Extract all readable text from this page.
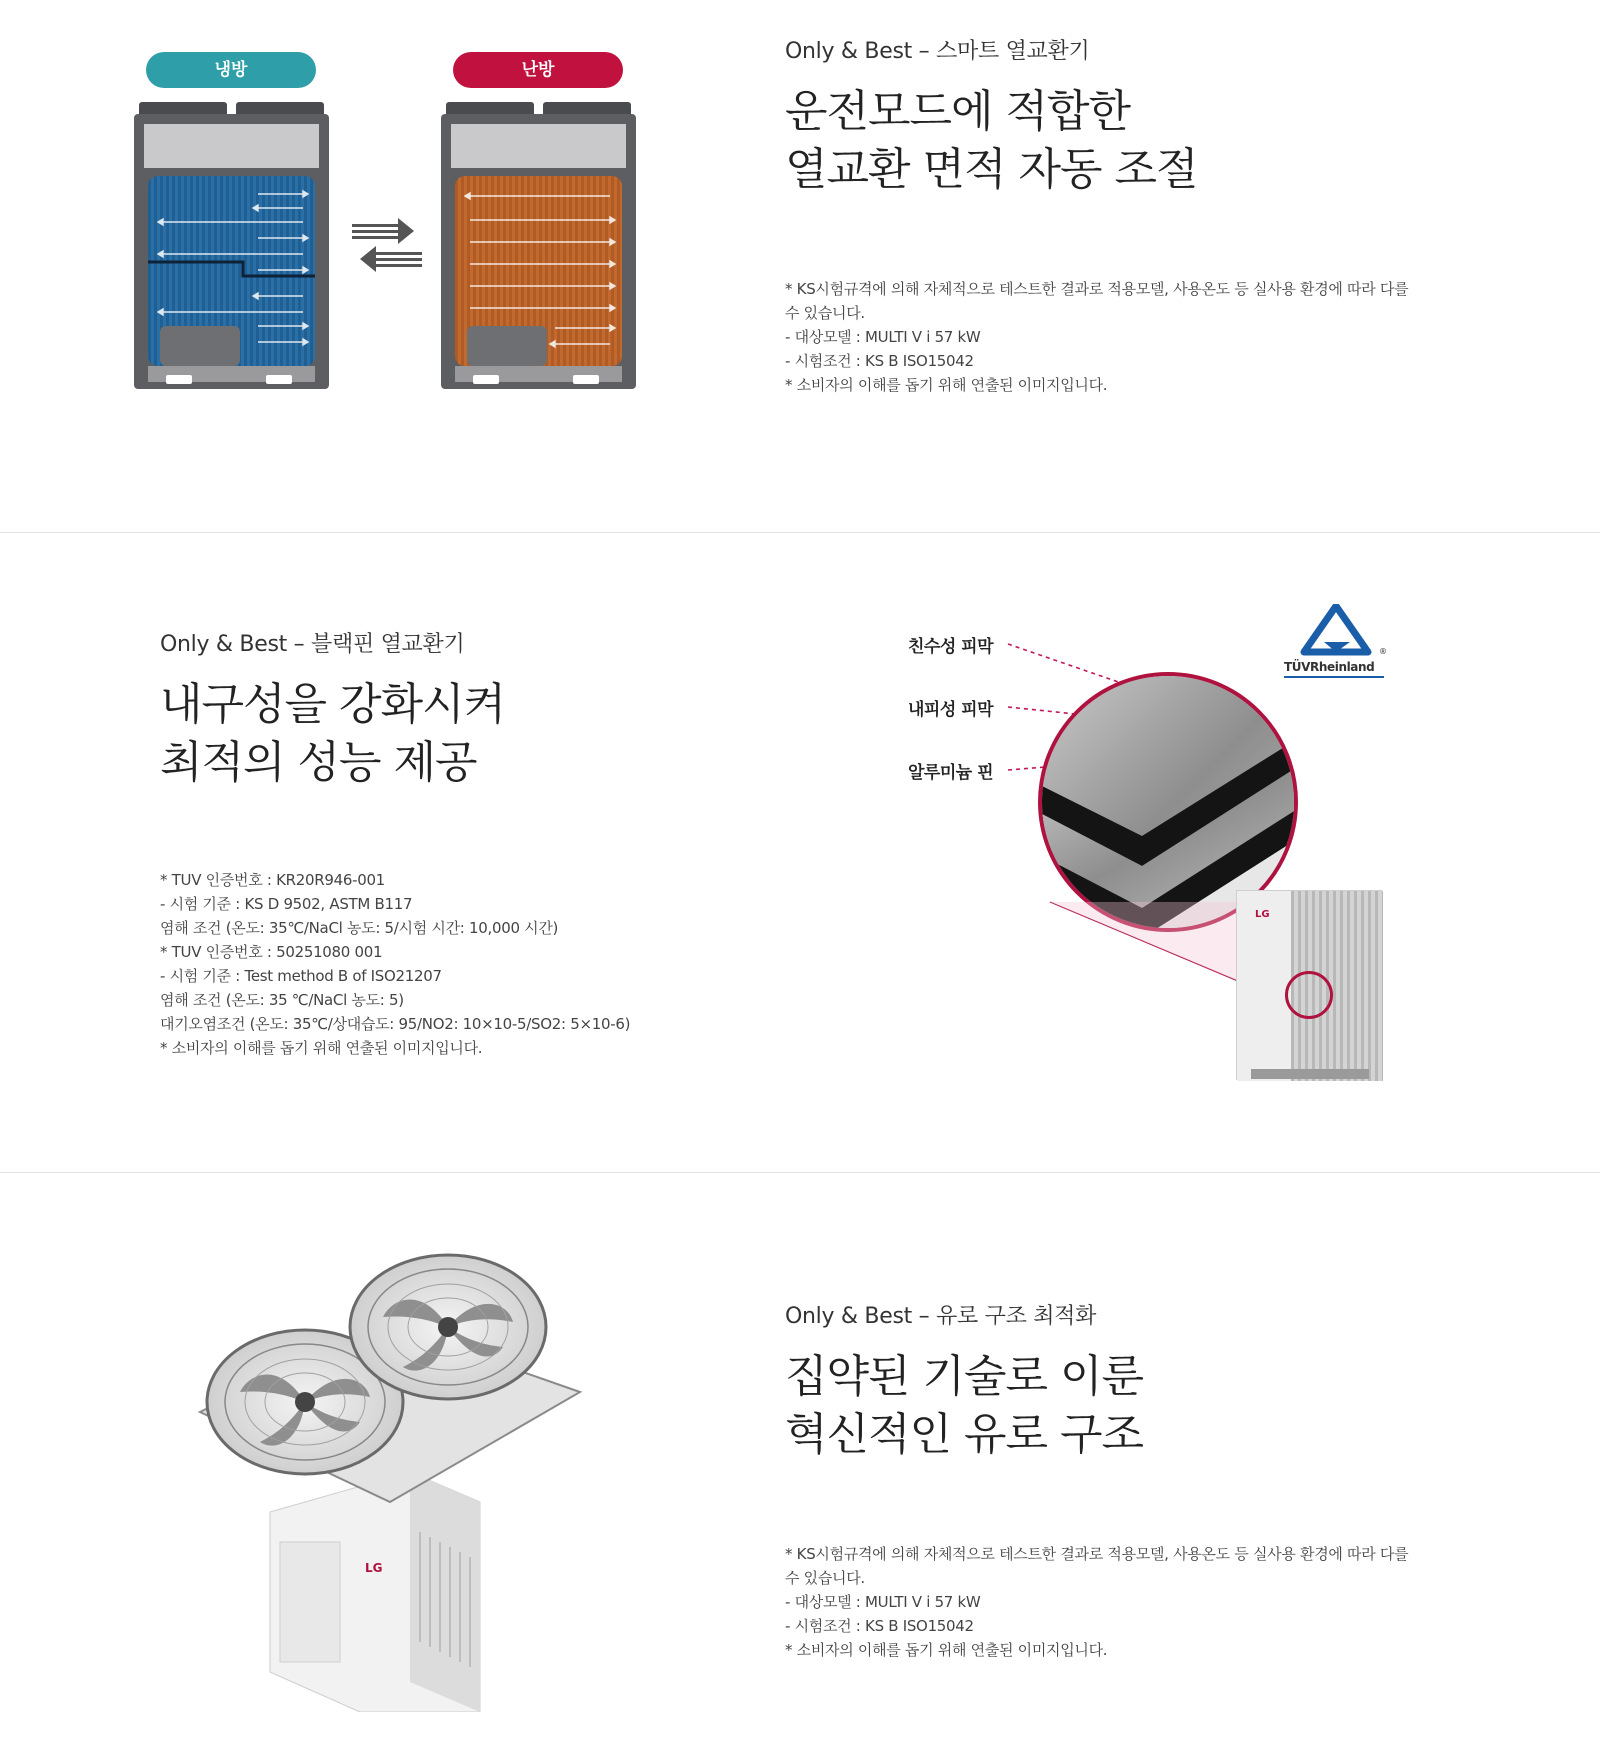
냉방	난방
Only & Best – 스마트 열교환기
운전모드에 적합한
열교환 면적 자동 조절
* KS시험규격에 의해 자체적으로 테스트한 결과로 적용모델, 사용온도 등 실사용 환경에 따라 다를
수 있습니다.
- 대상모델 : MULTI V i 57 kW
- 시험조건 : KS B ISO15042
* 소비자의 이해를 돕기 위해 연출된 이미지입니다.
Only & Best – 블랙핀 열교환기
내구성을 강화시켜
최적의 성능 제공
* TUV 인증번호 : KR20R946-001
- 시험 기준 : KS D 9502, ASTM B117
염해 조건 (온도: 35℃/NaCl 농도: 5/시험 시간: 10,000 시간)
* TUV 인증번호 : 50251080 001
- 시험 기준 : Test method B of ISO21207
염해 조건 (온도: 35 ℃/NaCl 농도: 5)
대기오염조건 (온도: 35℃/상대습도: 95/NO2: 10×10-5/SO2: 5×10-6)
* 소비자의 이해를 돕기 위해 연출된 이미지입니다.
®
TÜVRheinland
친수성 피막
내피성 피막
알루미늄 핀
LG
LG
Only & Best – 유로 구조 최적화
집약된 기술로 이룬
혁신적인 유로 구조
* KS시험규격에 의해 자체적으로 테스트한 결과로 적용모델, 사용온도 등 실사용 환경에 따라 다를
수 있습니다.
- 대상모델 : MULTI V i 57 kW
- 시험조건 : KS B ISO15042
* 소비자의 이해를 돕기 위해 연출된 이미지입니다.
